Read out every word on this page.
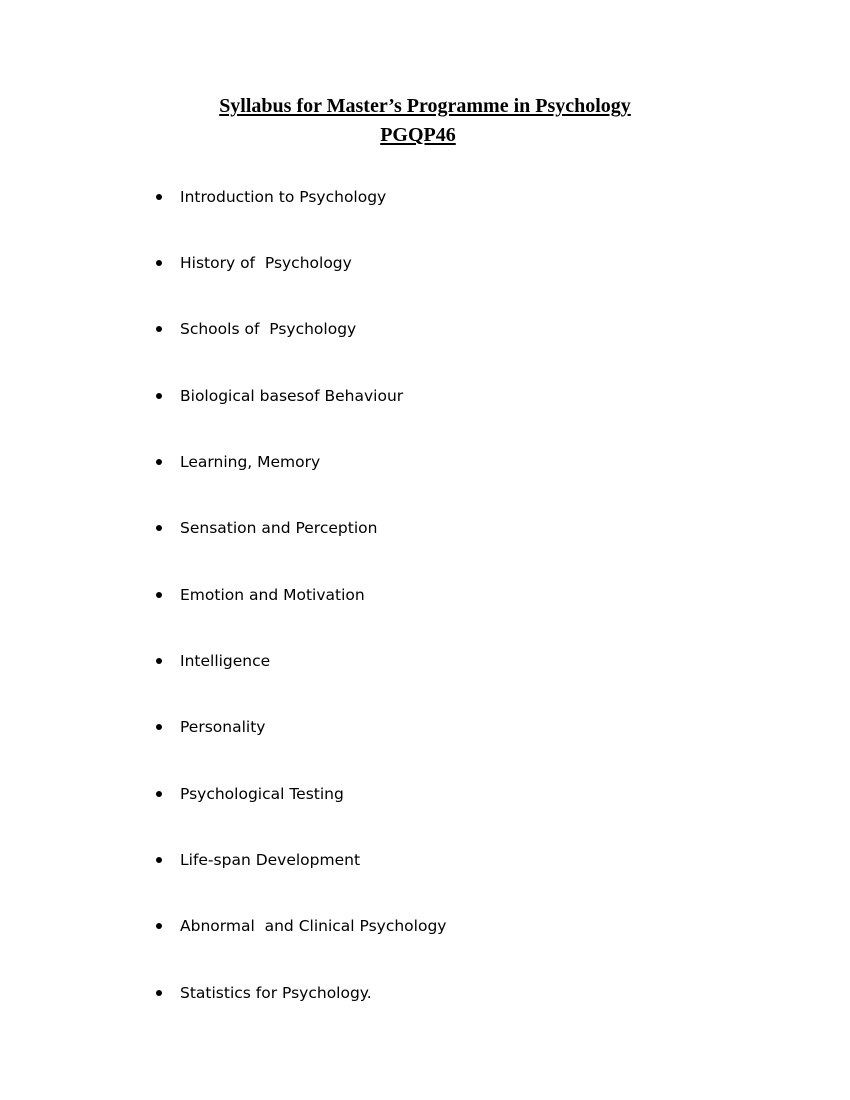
Syllabus for Master’s Programme in Psychology
PGQP46

Introduction to Psychology

History of  Psychology

Schools of  Psychology

Biological basesof Behaviour

Learning, Memory

Sensation and Perception

Emotion and Motivation

Intelligence

Personality

Psychological Testing

Life-span Development

Abnormal  and Clinical Psychology

Statistics for Psychology.
